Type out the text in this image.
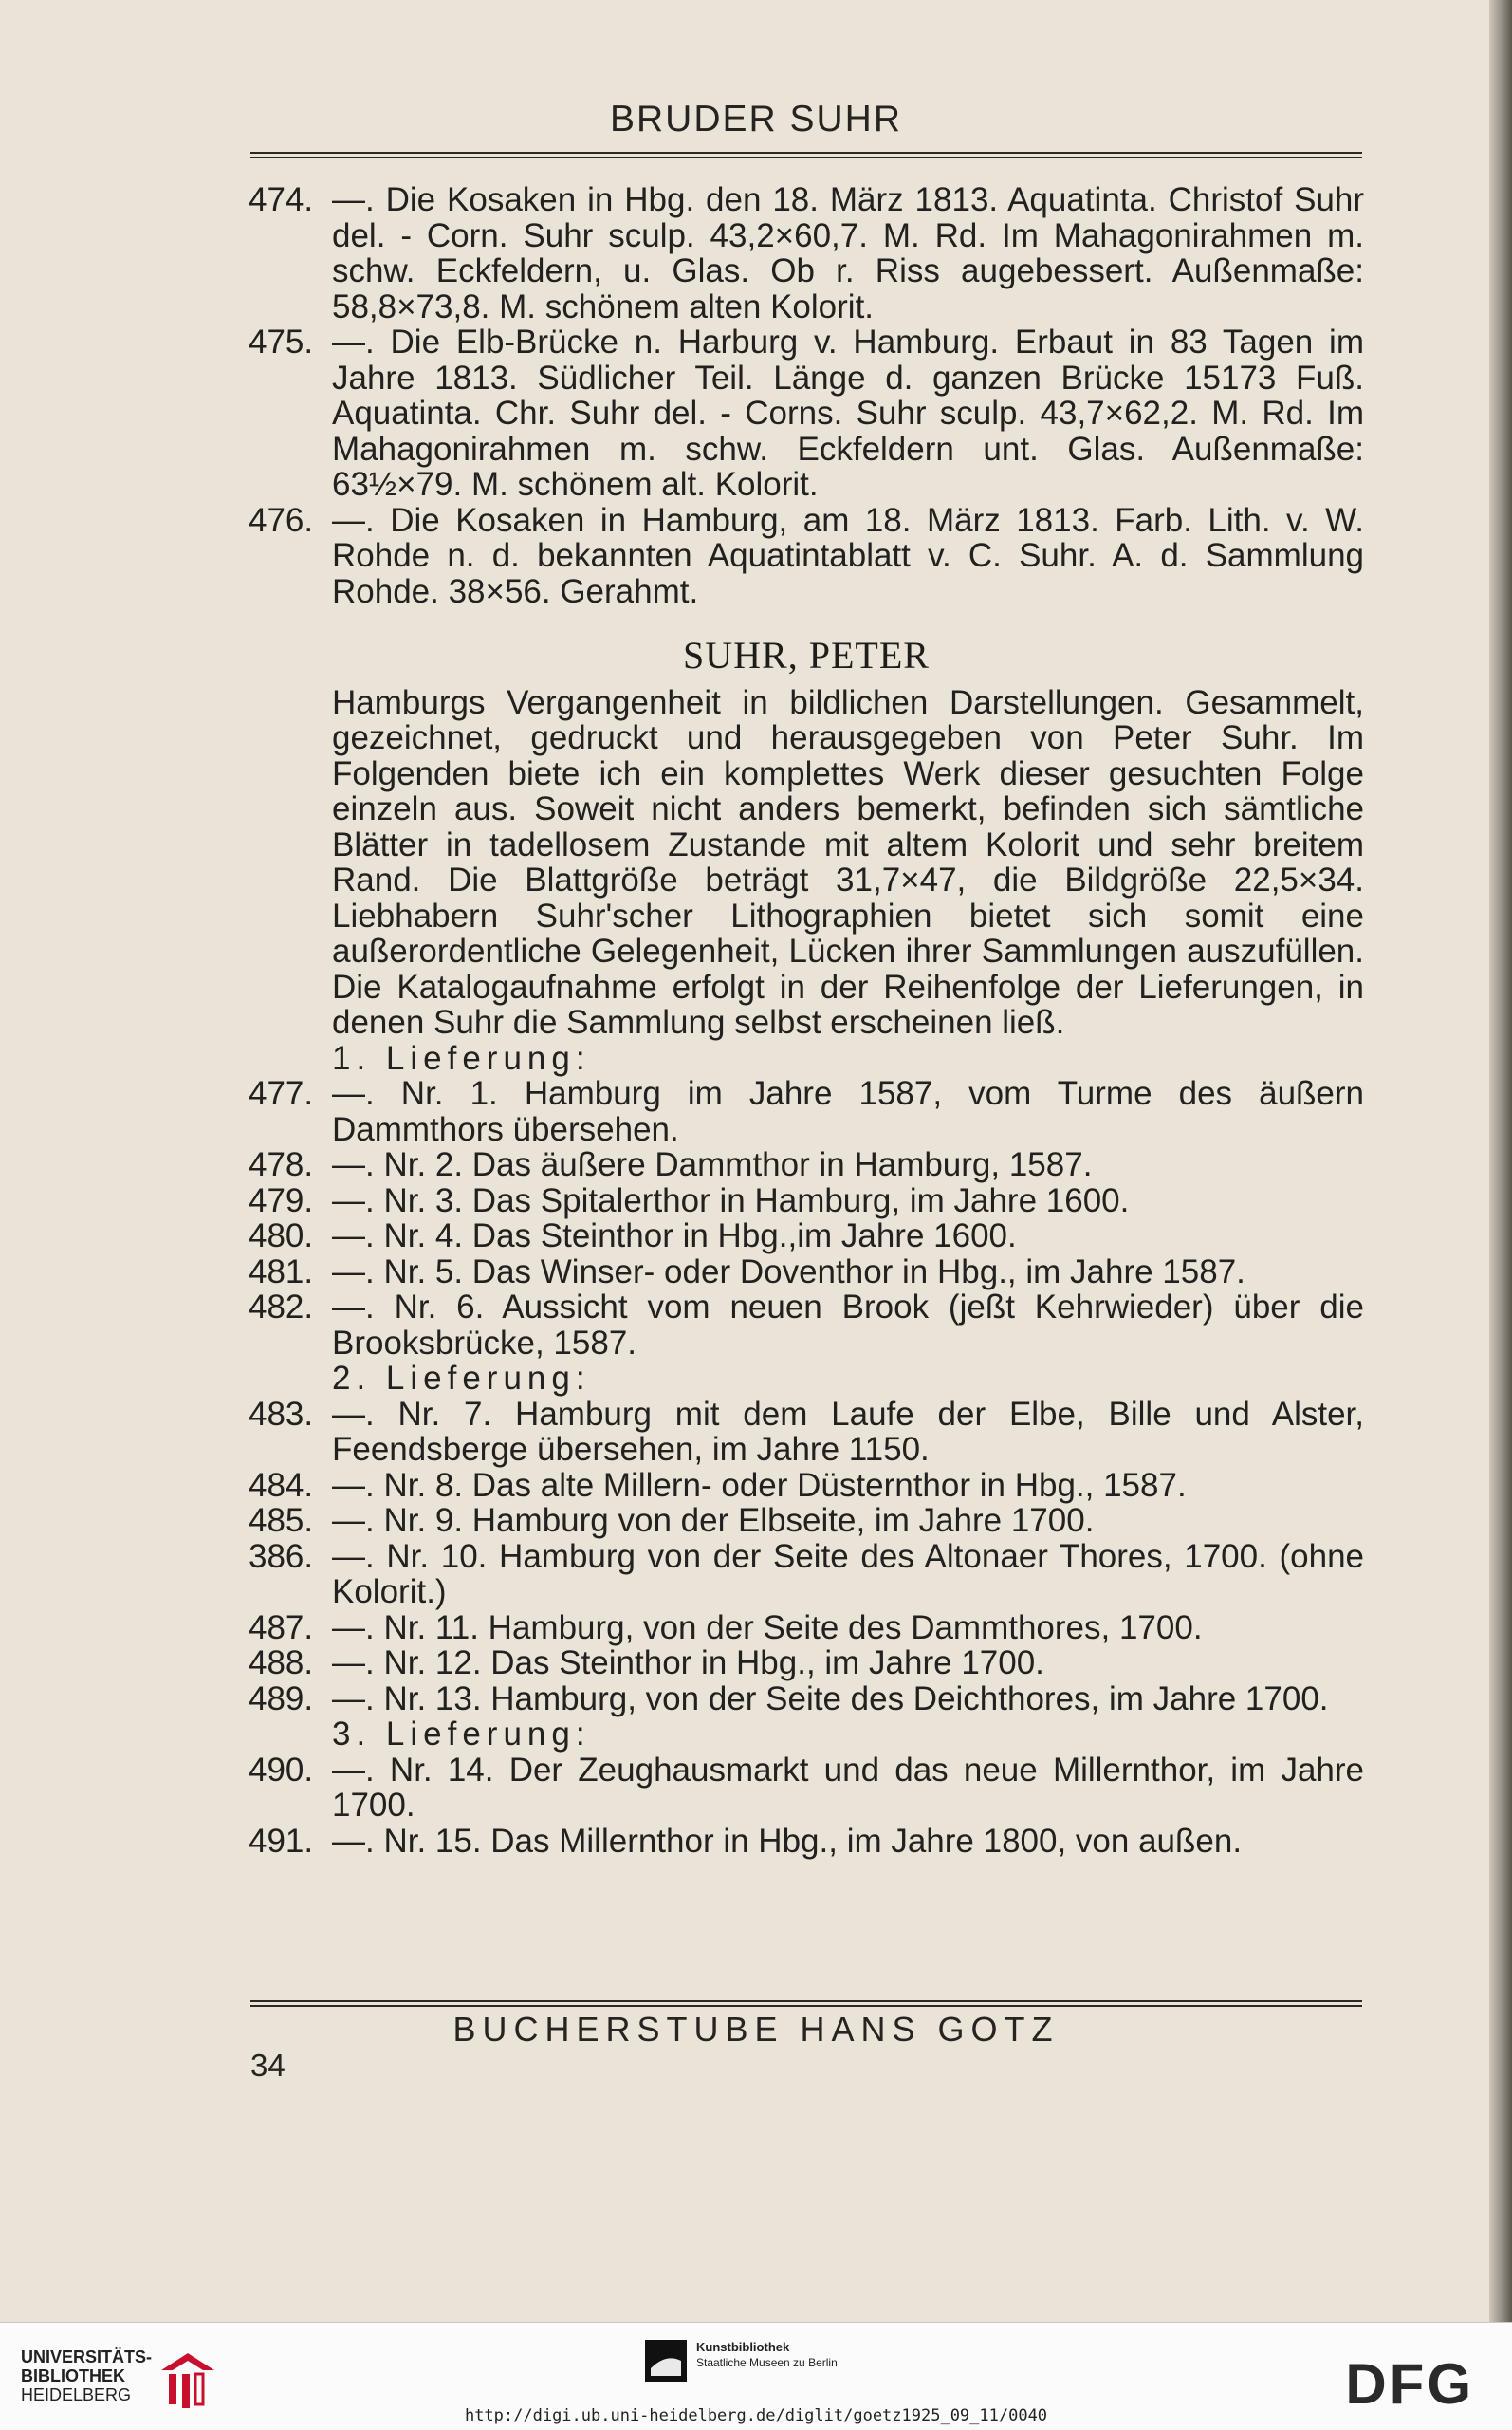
BRUDER SUHR
474. —. Die Kosaken in Hbg. den 18. März 1813. Aquatinta. Christof Suhr del. - Corn. Suhr sculp. 43,2×60,7. M. Rd. Im Mahagonirahmen m. schw. Eckfeldern, u. Glas. Ob r. Riss augebessert. Außenmaße: 58,8×73,8. M. schönem alten Kolorit.
475. —. Die Elb-Brücke n. Harburg v. Hamburg. Erbaut in 83 Tagen im Jahre 1813. Südlicher Teil. Länge d. ganzen Brücke 15173 Fuß. Aquatinta. Chr. Suhr del. - Corns. Suhr sculp. 43,7×62,2. M. Rd. Im Mahagonirahmen m. schw. Eckfeldern unt. Glas. Außenmaße: 63½×79. M. schönem alt. Kolorit.
476. —. Die Kosaken in Hamburg, am 18. März 1813. Farb. Lith. v. W. Rohde n. d. bekannten Aquatintablatt v. C. Suhr. A. d. Sammlung Rohde. 38×56. Gerahmt.
SUHR, PETER
Hamburgs Vergangenheit in bildlichen Darstellungen. Gesammelt, gezeichnet, gedruckt und herausgegeben von Peter Suhr. Im Folgenden biete ich ein komplettes Werk dieser gesuchten Folge einzeln aus. Soweit nicht anders bemerkt, befinden sich sämtliche Blätter in tadellosem Zustande mit altem Kolorit und sehr breitem Rand. Die Blattgröße beträgt 31,7×47, die Bildgröße 22,5×34. Liebhabern Suhr'scher Lithographien bietet sich somit eine außerordentliche Gelegenheit, Lücken ihrer Sammlungen auszufüllen. Die Katalogaufnahme erfolgt in der Reihenfolge der Lieferungen, in denen Suhr die Sammlung selbst erscheinen ließ.
1. Lieferung:
477. —. Nr. 1. Hamburg im Jahre 1587, vom Turme des äußern Dammthors übersehen.
478. —. Nr. 2. Das äußere Dammthor in Hamburg, 1587.
479. —. Nr. 3. Das Spitalerthor in Hamburg, im Jahre 1600.
480. —. Nr. 4. Das Steinthor in Hbg.,im Jahre 1600.
481. —. Nr. 5. Das Winser- oder Doventhor in Hbg., im Jahre 1587.
482. —. Nr. 6. Aussicht vom neuen Brook (jeßt Kehrwieder) über die Brooksbrücke, 1587.
2. Lieferung:
483. —. Nr. 7. Hamburg mit dem Laufe der Elbe, Bille und Alster, Feendsberge übersehen, im Jahre 1150.
484. —. Nr. 8. Das alte Millern- oder Düsternthor in Hbg., 1587.
485. —. Nr. 9. Hamburg von der Elbseite, im Jahre 1700.
386. —. Nr. 10. Hamburg von der Seite des Altonaer Thores, 1700. (ohne Kolorit.)
487. —. Nr. 11. Hamburg, von der Seite des Dammthores, 1700.
488. —. Nr. 12. Das Steinthor in Hbg., im Jahre 1700.
489. —. Nr. 13. Hamburg, von der Seite des Deichthores, im Jahre 1700.
3. Lieferung:
490. —. Nr. 14. Der Zeughausmarkt und das neue Millernthor, im Jahre 1700.
491. —. Nr. 15. Das Millernthor in Hbg., im Jahre 1800, von außen.
BUCHERSTUBE HANS GOTZ
34
UNIVERSITÄTS-
BIBLIOTHEK
HEIDELBERG
Kunstbibliothek
Staatliche Museen zu Berlin	DFG
http://digi.ub.uni-heidelberg.de/diglit/goetz1925_09_11/0040
